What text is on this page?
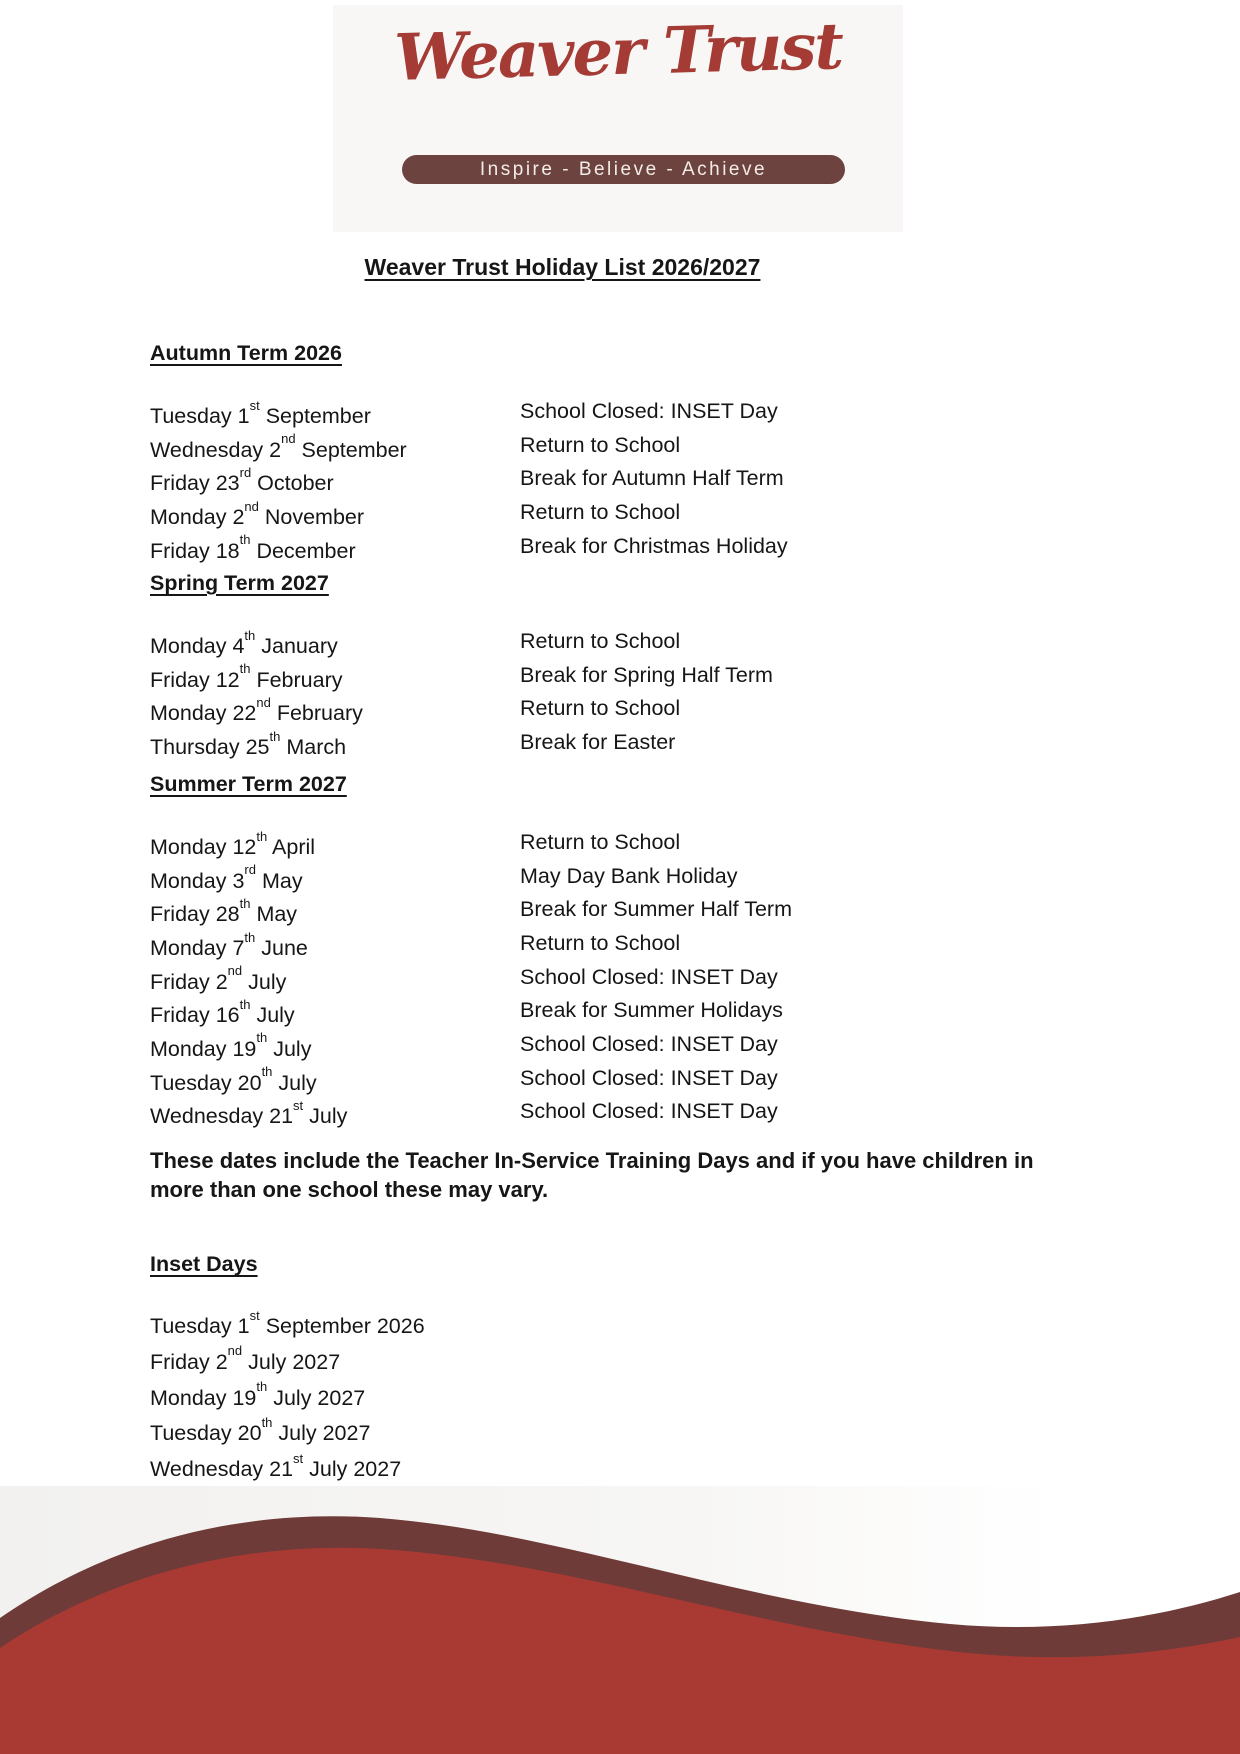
Weaver Trust
Inspire - Believe - Achieve
Weaver Trust Holiday List 2026/2027
Autumn Term 2026
Tuesday 1st September	School Closed: INSET Day
Wednesday 2nd September	Return to School
Friday 23rd October	Break for Autumn Half Term
Monday 2nd November	Return to School
Friday 18th December	Break for Christmas Holiday
Spring Term 2027
Monday 4th January	Return to School
Friday 12th February	Break for Spring Half Term
Monday 22nd February	Return to School
Thursday 25th March	Break for Easter
Summer Term 2027
Monday 12th April	Return to School
Monday 3rd May	May Day Bank Holiday
Friday 28th May	Break for Summer Half Term
Monday 7th June	Return to School
Friday 2nd July	School Closed: INSET Day
Friday 16th July	Break for Summer Holidays
Monday 19th July	School Closed: INSET Day
Tuesday 20th July	School Closed: INSET Day
Wednesday 21st July	School Closed: INSET Day
These dates include the Teacher In-Service Training Days and if you have children in more than one school these may vary.
Inset Days
Tuesday 1st September 2026
Friday 2nd July 2027
Monday 19th July 2027
Tuesday 20th July 2027
Wednesday 21st July 2027
